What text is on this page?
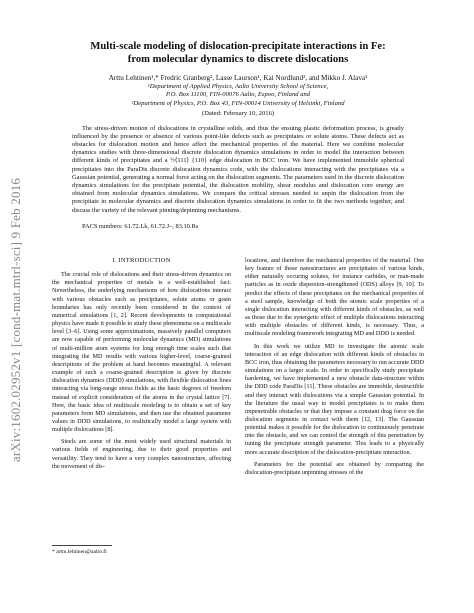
arXiv:1602.02952v1 [cond-mat.mtrl-sci] 9 Feb 2016
Multi-scale modeling of dislocation-precipitate interactions in Fe:
from molecular dynamics to discrete dislocations
Arttu Lehtinen¹,* Fredric Granberg², Lasse Laurson¹, Kai Nordlund², and Mikko J. Alava¹
¹Department of Applied Physics, Aalto University School of Science,
P.O. Box 11100, FIN-00076 Aalto, Espoo, Finland and
²Department of Physics, P.O. Box 43, FIN-00014 University of Helsinki, Finland
(Dated: February 10, 2016)
The stress-driven motion of dislocations in crystalline solids, and thus the ensuing plastic deformation process, is greatly influenced by the presence or absence of various point-like defects such as precipitates or solute atoms. These defects act as obstacles for dislocation motion and hence affect the mechanical properties of the material. Here we combine molecular dynamics studies with three-dimensional discrete dislocation dynamics simulations in order to model the interaction between different kinds of precipitates and a ½⟨111⟩ {110} edge dislocation in BCC iron. We have implemented immobile spherical precipitates into the ParaDis discrete dislocation dynamics code, with the dislocations interacting with the precipitates via a Gaussian potential, generating a normal force acting on the dislocation segments. The parameters used in the discrete dislocation dynamics simulations for the precipitate potential, the dislocation mobility, shear modulus and dislocation core energy are obtained from molecular dynamics simulations. We compare the critical stresses needed to unpin the dislocation from the precipitate in molecular dynamics and discrete dislocation dynamics simulations in order to fit the two methods together, and discuss the variety of the relevant pinning/depinning mechanisms.
PACS numbers: 61.72.Lk, 61.72.J–, 83.10.Rs
I. INTRODUCTION

The crucial role of dislocations and their stress-driven dynamics on the mechanical properties of metals is a well-established fact. Nevertheless, the underlying mechanisms of how dislocations interact with various obstacles such as precipitates, solute atoms or grain boundaries has only recently been considered in the context of numerical simulations [1, 2]. Recent developments in computational physics have made it possible to study these phenomena on a multiscale level [3–6]. Using some approximations, massively parallel computers are now capable of performing molecular dynamics (MD) simulations of multi-million atom systems for long enough time scales such that integrating the MD results with various higher-level, coarse-grained descriptions of the problem at hand becomes meaningful. A relevant example of such a coarse-grained description is given by discrete dislocation dynamics (DDD) simulations, with flexible dislocation lines interacting via long-range stress fields as the basic degrees of freedom instead of explicit consideration of the atoms in the crystal lattice [7]. Here, the basic idea of multiscale modeling is to obtain a set of key parameters from MD simulations, and then use the obtained parameter values in DDD simulations, to realistically model a large system with multiple dislocations [8].

Steels are some of the most widely used structural materials in various fields of engineering, due to their good properties and versatility. They tend to have a very complex nanostructure, affecting the movement of dis-

* arttu.lehtinen@aalto.fi

locations, and therefore the mechanical properties of the material. One key feature of these nanostructures are precipitates of various kinds, either naturally occuring solutes, for instance carbides, or man-made particles as in oxide dispersion-strengthened (ODS) alloys [9, 10]. To predict the effects of these precipitates on the mechanical properties of a steel sample, knowledge of both the atomic scale properties of a single dislocation interacting with different kinds of obstacles, as well as those due to the synergetic effect of multiple dislocations interacting with multiple obstacles of different kinds, is necessary. Thus, a multiscale modeling framework integrating MD and DDD is needed.

In this work we utilize MD to investigate the atomic scale interaction of an edge dislocation with different kinds of obstacles in BCC iron, thus obtaining the parameters necessary to run accurate DDD simulations on a larger scale. In order to specifically study precipitate hardening, we have implemented a new obstacle data-structure within the DDD code ParaDis [11]. These obstacles are immobile, destructible and they interact with dislocations via a simple Gaussian potential. In the literature the usual way to model precipitates is to make them impenetrable obstacles or that they impose a constant drag force on the dislocation segments in contact with them [12, 13]. The Gaussian potential makes it possible for the dislocation to continuously penetrate into the obstacle, and we can control the strength of this penetration by tuning the precipitate strength parameter. This leads to a physically more accurate description of the dislocation-precipitate interaction.

Parameters for the potential are obtained by comparing the dislocation-precipitate unpinning stresses of the
